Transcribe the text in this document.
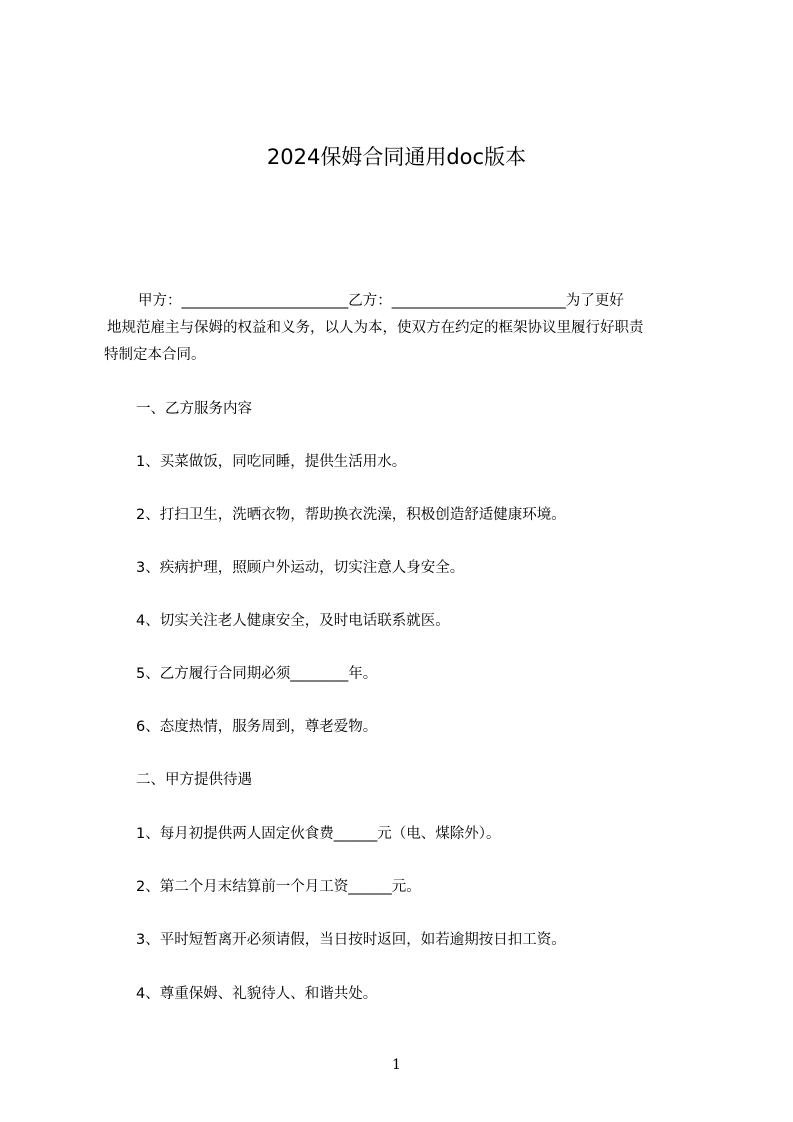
2024保姆合同通用doc版本

甲方：_______________________乙方：________________________为了更好
地规范雇主与保姆的权益和义务，以人为本，使双方在约定的框架协议里履行好职责
特制定本合同。

一、乙方服务内容

1、买菜做饭，同吃同睡，提供生活用水。

2、打扫卫生，洗晒衣物，帮助换衣洗澡，积极创造舒适健康环境。

3、疾病护理，照顾户外运动，切实注意人身安全。

4、切实关注老人健康安全，及时电话联系就医。

5、乙方履行合同期必须________年。

6、态度热情，服务周到，尊老爱物。

二、甲方提供待遇

1、每月初提供两人固定伙食费______元（电、煤除外）。

2、第二个月末结算前一个月工资______元。

3、平时短暂离开必须请假，当日按时返回，如若逾期按日扣工资。

4、尊重保姆、礼貌待人、和谐共处。

1
